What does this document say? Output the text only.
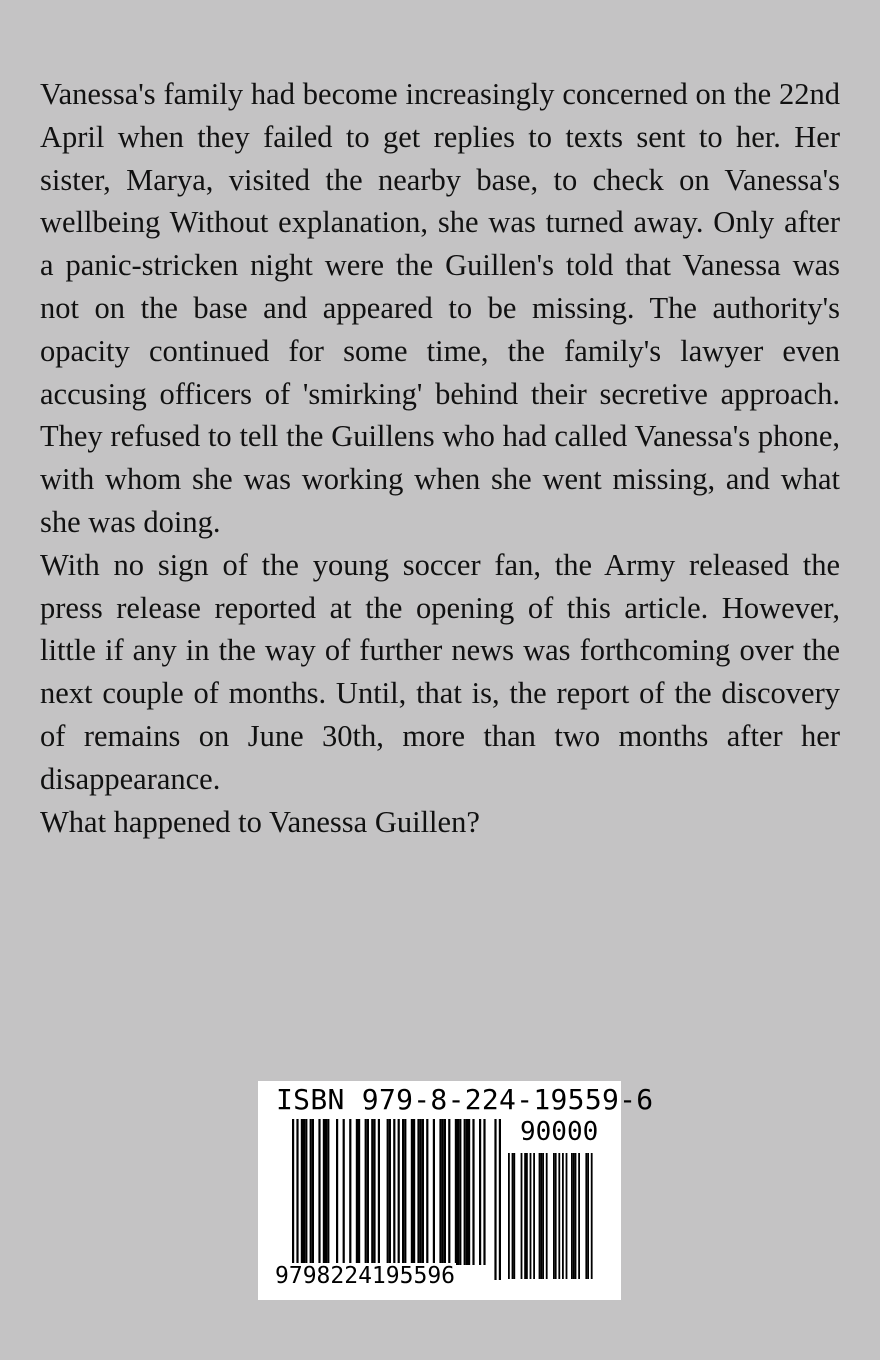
Vanessa's family had become increasingly concerned on the 22nd April when they failed to get replies to texts sent to her. Her sister, Marya, visited the nearby base, to check on Vanessa's wellbeing Without explanation, she was turned away. Only after a panic-stricken night were the Guillen's told that Vanessa was not on the base and appeared to be missing. The authority's opacity continued for some time, the family's lawyer even accusing officers of 'smirking' behind their secretive approach. They refused to tell the Guillens who had called Vanessa's phone, with whom she was working when she went missing, and what she was doing.

With no sign of the young soccer fan, the Army released the press release reported at the opening of this article. However, little if any in the way of further news was forthcoming over the next couple of months. Until, that is, the report of the discovery of remains on June 30th, more than two months after her disappearance.

What happened to Vanessa Guillen?

ISBN 979-8-224-19559-6
90000
9798224195596
